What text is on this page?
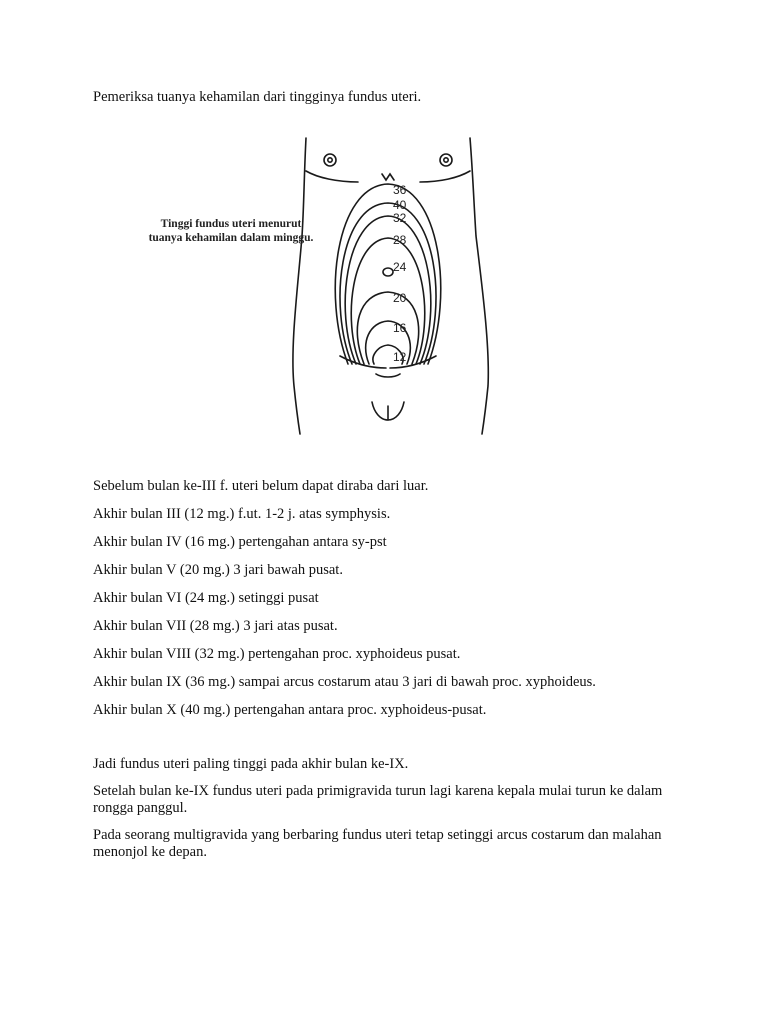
Pemeriksa tuanya kehamilan dari tingginya fundus uteri.

36
40
32
28
24
20
16
12

Tinggi fundus uteri menurut tuanya kehamilan dalam minggu.

Sebelum bulan ke-III f. uteri belum dapat diraba dari luar.
Akhir bulan III (12 mg.) f.ut. 1-2 j. atas symphysis.
Akhir bulan IV (16 mg.) pertengahan antara sy-pst
Akhir bulan V (20 mg.) 3 jari bawah pusat.
Akhir bulan VI (24 mg.) setinggi pusat
Akhir bulan VII (28 mg.) 3 jari atas pusat.
Akhir bulan VIII (32 mg.) pertengahan proc. xyphoideus pusat.
Akhir bulan IX (36 mg.) sampai arcus costarum atau 3 jari di bawah proc. xyphoideus.
Akhir bulan X (40 mg.) pertengahan antara proc. xyphoideus-pusat.

Jadi fundus uteri paling tinggi pada akhir bulan ke-IX.

Setelah bulan ke-IX fundus uteri pada primigravida turun lagi karena kepala mulai turun ke dalam rongga panggul.

Pada seorang multigravida yang berbaring fundus uteri tetap setinggi arcus costarum dan malahan menonjol ke depan.
